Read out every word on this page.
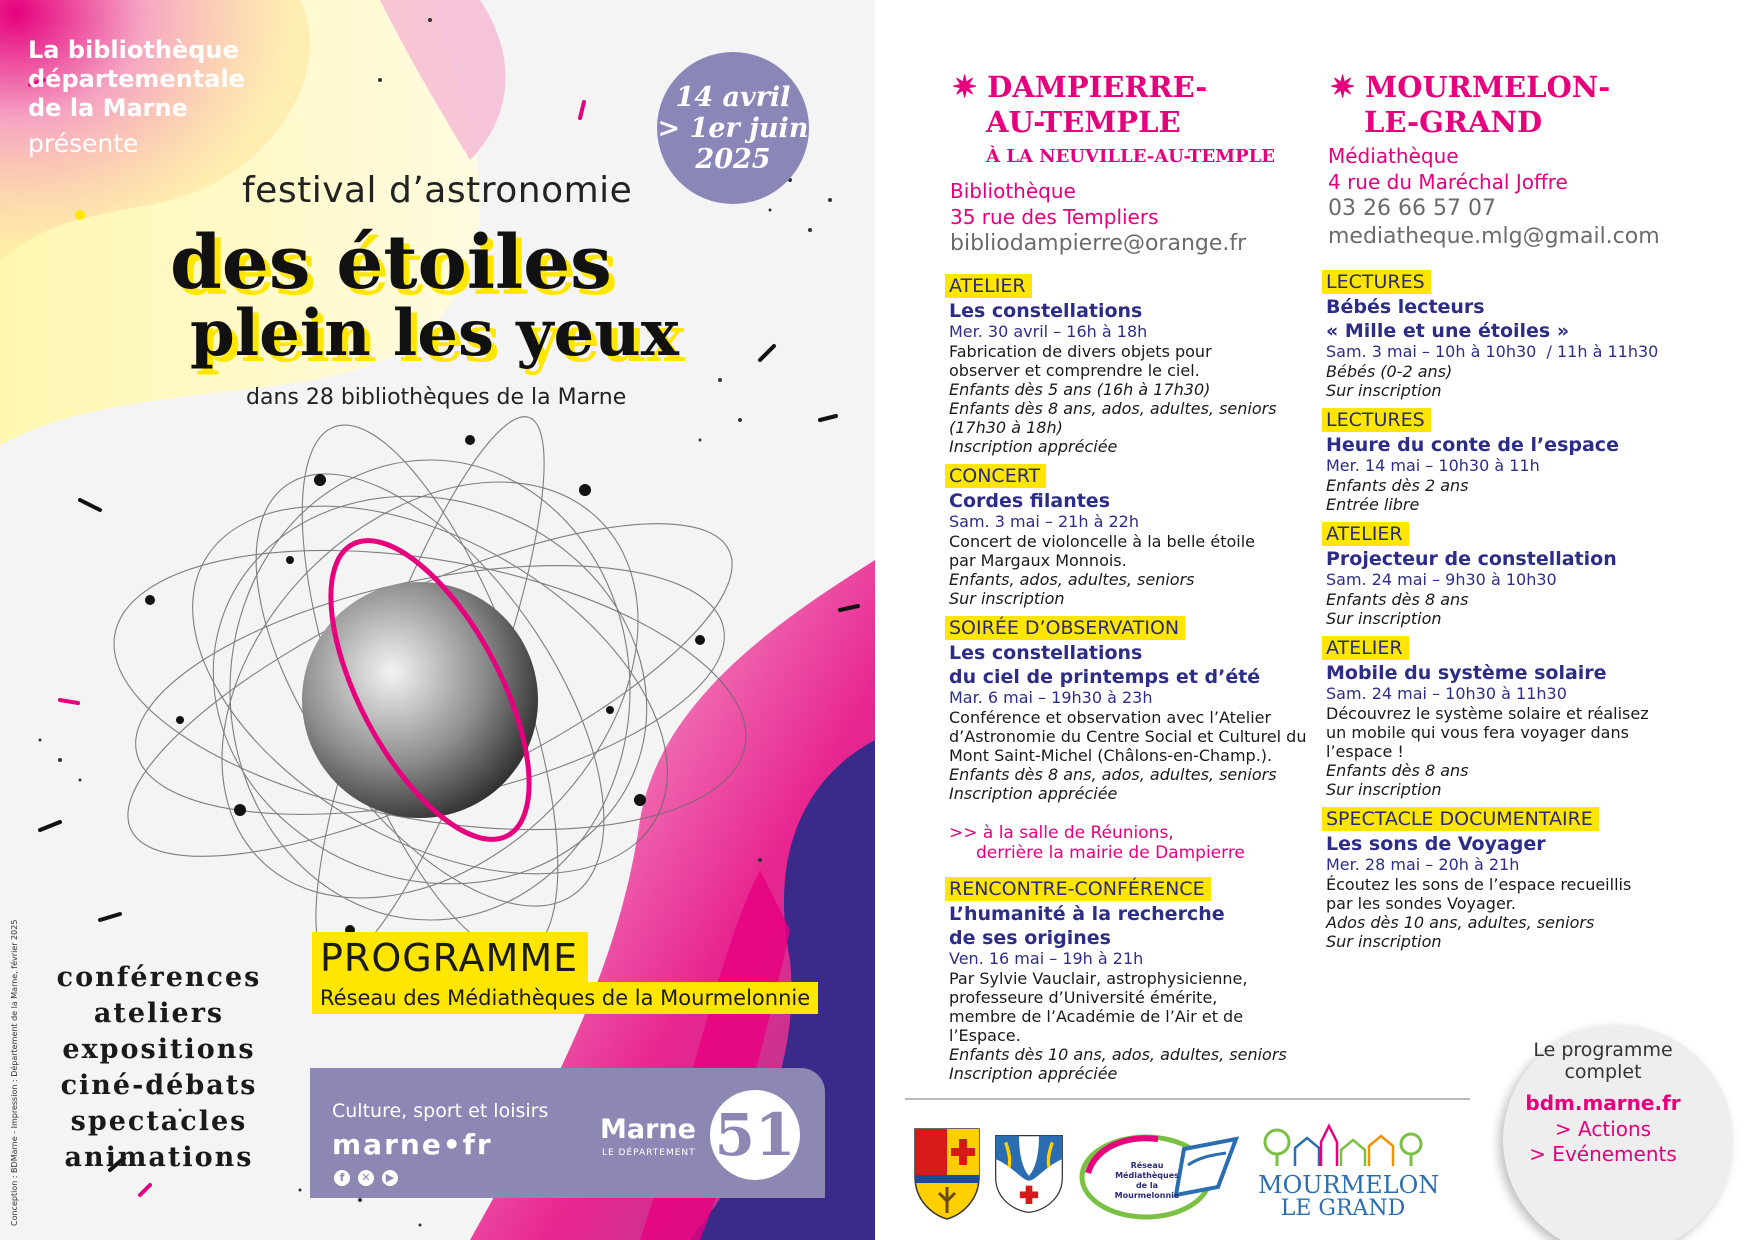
La bibliothèque
départementale
de la Marne
présente
14 avril
> 1er juin
2025
festival d’astronomie
des étoiles
plein les yeux
dans 28 bibliothèques de la Marne
conférences
ateliers
expositions
ciné-débats
spectacles
animations
PROGRAMME
Réseau des Médiathèques de la Mourmelonnie
Culture, sport et loisirs
marne•fr
f	✕	▶
Marne
LE DÉPARTEMENT 51
Conception : BDMarne - Impression : Département de la Marne, février 2025
✷ DAMPIERRE-
AU-TEMPLE
À LA NEUVILLE-AU-TEMPLE
Bibliothèque
35 rue des Templiers
bibliodampierre@orange.fr
✷ MOURMELON-
LE-GRAND
Médiathèque
4 rue du Maréchal Joffre
03 26 66 57 07
mediatheque.mlg@gmail.com
ATELIER
Les constellations
Mer. 30 avril – 16h à 18h
Fabrication de divers objets pour
observer et comprendre le ciel.
Enfants dès 5 ans (16h à 17h30)
Enfants dès 8 ans, ados, adultes, seniors
(17h30 à 18h)
Inscription appréciée
CONCERT
Cordes filantes
Sam. 3 mai – 21h à 22h
Concert de violoncelle à la belle étoile
par Margaux Monnois.
Enfants, ados, adultes, seniors
Sur inscription
SOIRÉE D’OBSERVATION
Les constellations
du ciel de printemps et d’été
Mar. 6 mai – 19h30 à 23h
Conférence et observation avec l’Atelier
d’Astronomie du Centre Social et Culturel du
Mont Saint-Michel (Châlons-en-Champ.).
Enfants dès 8 ans, ados, adultes, seniors
Inscription appréciée
>> à la salle de Réunions,
derrière la mairie de Dampierre
RENCONTRE-CONFÉRENCE
L’humanité à la recherche
de ses origines
Ven. 16 mai – 19h à 21h
Par Sylvie Vauclair, astrophysicienne,
professeure d’Université émérite,
membre de l’Académie de l’Air et de l’Espace.
Enfants dès 10 ans, ados, adultes, seniors
Inscription appréciée
LECTURES
Bébés lecteurs
« Mille et une étoiles »
Sam. 3 mai – 10h à 10h30  / 11h à 11h30
Bébés (0-2 ans)
Sur inscription
LECTURES
Heure du conte de l’espace
Mer. 14 mai – 10h30 à 11h
Enfants dès 2 ans
Entrée libre
ATELIER
Projecteur de constellation
Sam. 24 mai – 9h30 à 10h30
Enfants dès 8 ans
Sur inscription
ATELIER
Mobile du système solaire
Sam. 24 mai – 10h30 à 11h30
Découvrez le système solaire et réalisez
un mobile qui vous fera voyager dans
l’espace !
Enfants dès 8 ans
Sur inscription
SPECTACLE DOCUMENTAIRE
Les sons de Voyager
Mer. 28 mai – 20h à 21h
Écoutez les sons de l’espace recueillis
par les sondes Voyager.
Ados dès 10 ans, adultes, seniors
Sur inscription
Réseau
Médiathèques
de la Mourmelonnie	MOURMELON
LE GRAND
Le programme
complet
bdm.marne.fr
> Actions
> Evénements
